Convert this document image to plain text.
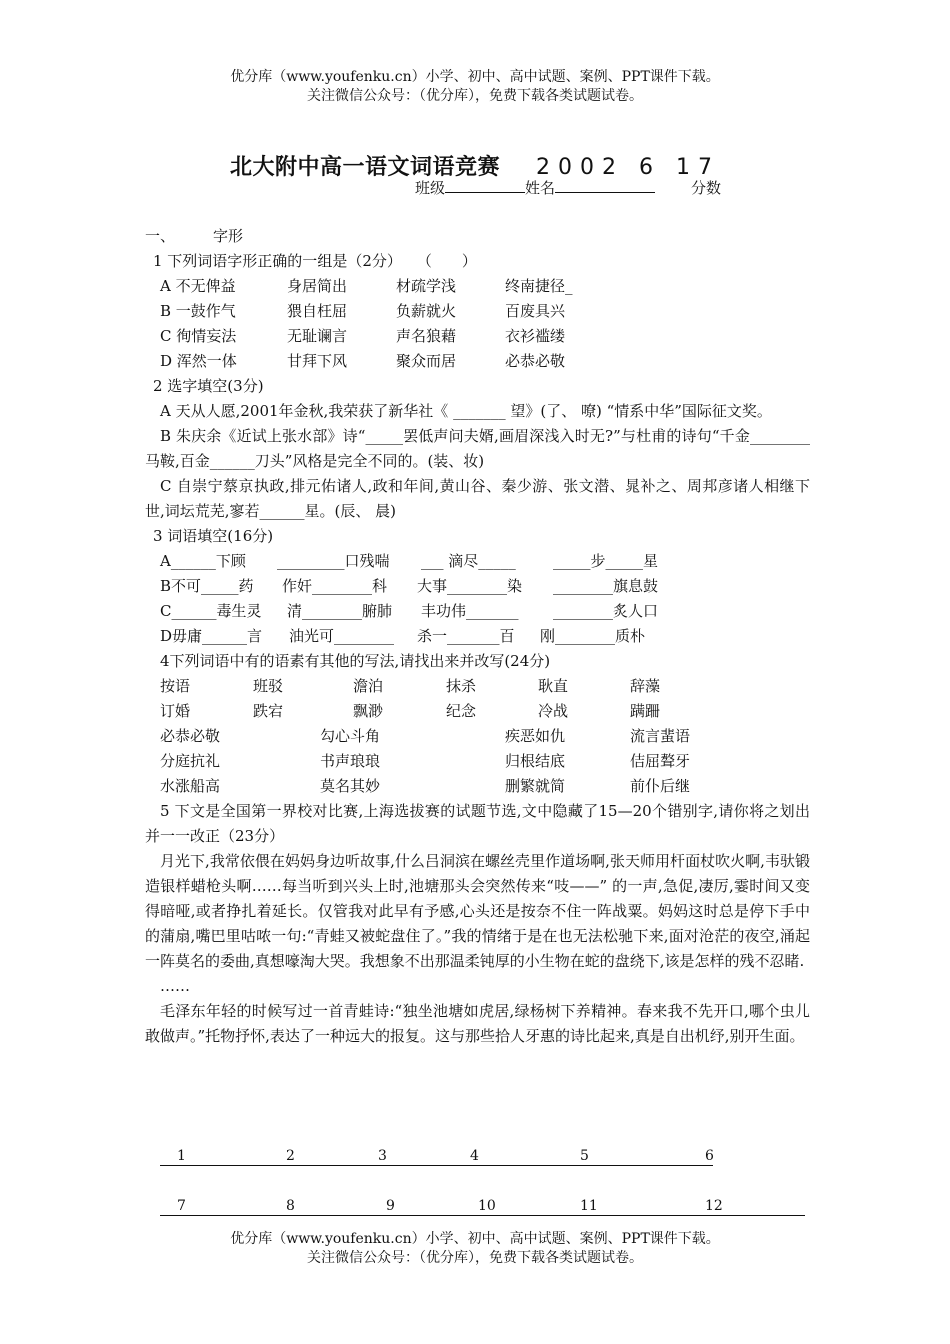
优分库（www.youfenku.cn）小学、初中、高中试题、案例、PPT课件下载。
关注微信公众号：（优分库），免费下载各类试题试卷。
北大附中高一语文词语竞赛 2002 6 17
班级	姓名	分数
一、	字形
1 下列词语字形正确的一组是（2分）　　（　　）
A 不无俾益	身居简出	材疏学浅	终南捷径_
B 一鼓作气	猥自枉屈	负薪就火	百废具兴
C 徇情妄法	无耻谰言	声名狼藉	衣衫褴缕
D 浑然一体	甘拜下风	聚众而居	必恭必敬
2 选字填空(3分)
A 天从人愿,2001年金秋,我荣获了新华社《 _______ 望》(了、 嘹) “情系中华”国际征文奖。
B 朱庆余《近试上张水部》诗“_____罢低声问夫婿,画眉深浅入时无?”与杜甫的诗句“千金________马鞍,百金______刀头”风格是完全不同的。(装、妆)
C 自崇宁蔡京执政,排元佑诸人,政和年间,黄山谷、秦少游、张文潜、晁补之、周邦彦诸人相继下世,词坛荒芜,寥若______星。(辰、 晨)
3 词语填空(16分)
A______下顾 _________口残喘 ___ 滴尽_____ _____步_____星
B不可_____药 作奸________科 大事________染 ________旗息鼓
C______毒生灵 清________腑肺 丰功伟_______ ________炙人口
D毋庸______言 油光可________ 杀一_______百 刚________质朴
4下列词语中有的语素有其他的写法,请找出来并改写(24分)
按语	班驳	澹泊	抹杀	耿直	辞藻
订婚	跌宕	飘渺	纪念	冷战	蹒跚
必恭必敬	勾心斗角	疾恶如仇	流言蜚语
分庭抗礼	书声琅琅	归根结底	佶屈聱牙
水涨船高	莫名其妙	删繁就简	前仆后继
5 下文是全国第一界校对比赛,上海选拔赛的试题节选,文中隐藏了15—20个错别字,请你将之划出并一一改正（23分）
月光下,我常依偎在妈妈身边听故事,什么吕洞滨在螺丝壳里作道场啊,张天师用杆面杖吹火啊,韦驮锻造银样蜡枪头啊……每当听到兴头上时,池塘那头会突然传来“吱——” 的一声,急促,凄厉,霎时间又变得暗哑,或者挣扎着延长。仅管我对此早有予感,心头还是按奈不住一阵战粟。妈妈这时总是停下手中的蒲扇,嘴巴里咕哝一句:“青蛙又被蛇盘住了。”我的情绪于是在也无法松驰下来,面对沧茫的夜空,涌起一阵莫名的委曲,真想嚎淘大哭。我想象不出那温柔钝厚的小生物在蛇的盘绕下,该是怎样的残不忍睹.
……
毛泽东年轻的时候写过一首青蛙诗:“独坐池塘如虎居,绿杨树下养精神。春来我不先开口,哪个虫儿敢做声。”托物抒怀,表达了一种远大的报复。这与那些拾人牙惠的诗比起来,真是自出机纾,别开生面。
1	2	3	4	5	6
7	8	9	10	11	12
优分库（www.youfenku.cn）小学、初中、高中试题、案例、PPT课件下载。
关注微信公众号：（优分库），免费下载各类试题试卷。
